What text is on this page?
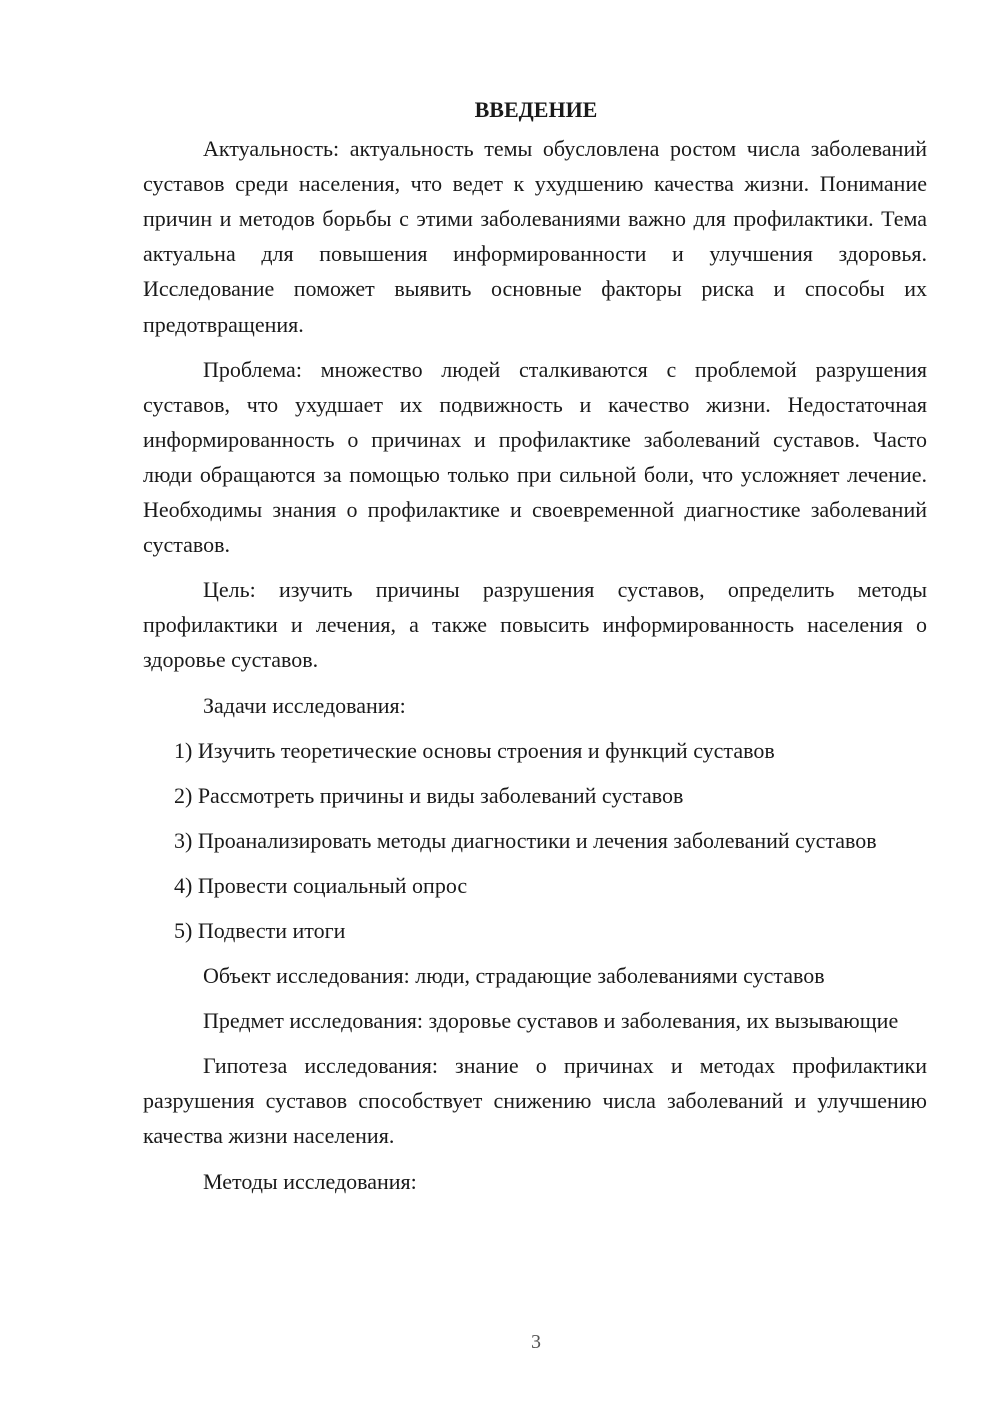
ВВЕДЕНИЕ

Актуальность: актуальность темы обусловлена ростом числа заболеваний суставов среди населения, что ведет к ухудшению качества жизни. Понимание причин и методов борьбы с этими заболеваниями важно для профилактики. Тема актуальна для повышения информированности и улучшения здоровья. Исследование поможет выявить основные факторы риска и способы их предотвращения.

Проблема: множество людей сталкиваются с проблемой разрушения суставов, что ухудшает их подвижность и качество жизни. Недостаточная информированность о причинах и профилактике заболеваний суставов. Часто люди обращаются за помощью только при сильной боли, что усложняет лечение. Необходимы знания о профилактике и своевременной диагностике заболеваний суставов.

Цель: изучить причины разрушения суставов, определить методы профилактики и лечения, а также повысить информированность населения о здоровье суставов.

Задачи исследования:

1) Изучить теоретические основы строения и функций суставов

2) Рассмотреть причины и виды заболеваний суставов

3) Проанализировать методы диагностики и лечения заболеваний суставов

4) Провести социальный опрос

5) Подвести итоги

Объект исследования: люди, страдающие заболеваниями суставов

Предмет исследования: здоровье суставов и заболевания, их вызывающие

Гипотеза исследования: знание о причинах и методах профилактики разрушения суставов способствует снижению числа заболеваний и улучшению качества жизни населения.

Методы исследования:

3
